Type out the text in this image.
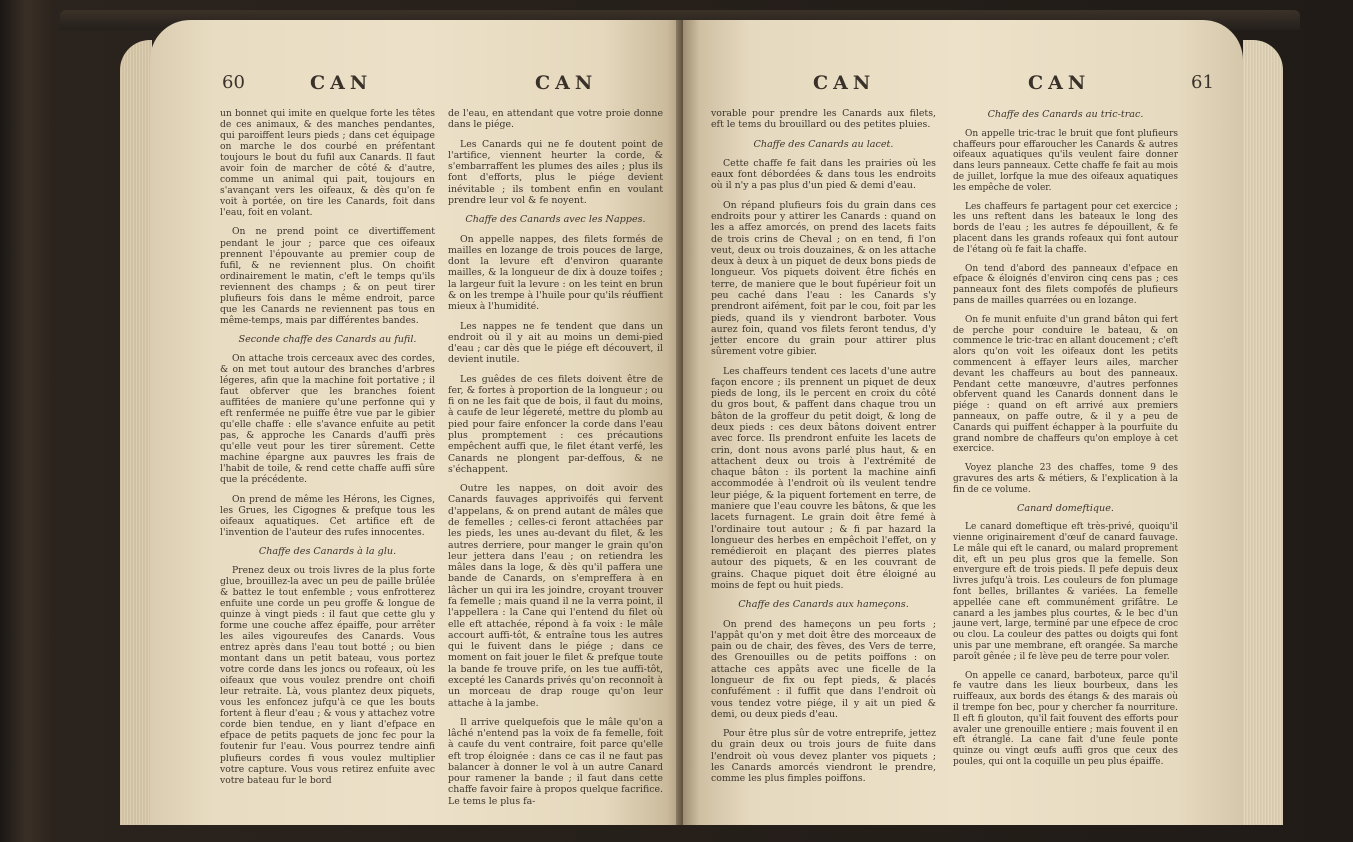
60	CAN	CAN

un bonnet qui imite en quelque forte les têtes de ces animaux, & des manches pendantes, qui paroiffent leurs pieds ; dans cet équipage on marche le dos courbé en préfentant toujours le bout du fufil aux Canards. Il faut avoir foin de marcher de côté & d'autre, comme un animal qui pait, toujours en s'avançant vers les oifeaux, & dès qu'on fe voit à portée, on tire les Canards, foit dans l'eau, foit en volant.

On ne prend point ce divertiffement pendant le jour ; parce que ces oifeaux prennent l'épouvante au premier coup de fufil, & ne reviennent plus. On choifit ordinairement le matin, c'eft le temps qu'ils reviennent des champs ; & on peut tirer plufieurs fois dans le même endroit, parce que les Canards ne reviennent pas tous en même-temps, mais par différentes bandes.

Seconde chaffe des Canards au fufil.

On attache trois cerceaux avec des cordes, & on met tout autour des branches d'arbres légeres, afin que la machine foit portative ; il faut obferver que les branches foient auffitées de maniere qu'une perfonne qui y eft renfermée ne puiffe être vue par le gibier qu'elle chaffe : elle s'avance enfuite au petit pas, & approche les Canards d'auffi près qu'elle veut pour les tirer sûrement. Cette machine épargne aux pauvres les frais de l'habit de toile, & rend cette chaffe auffi sûre que la précédente.

On prend de même les Hérons, les Cignes, les Grues, les Cigognes & prefque tous les oifeaux aquatiques. Cet artifice eft de l'invention de l'auteur des rufes innocentes.

Chaffe des Canards à la glu.

Prenez deux ou trois livres de la plus forte glue, brouillez-la avec un peu de paille brûlée & battez le tout enfemble ; vous enfrotterez enfuite une corde un peu groffe & longue de quinze à vingt pieds : il faut que cette glu y forme une couche affez épaiffe, pour arrêter les ailes vigoureufes des Canards. Vous entrez après dans l'eau tout botté ; ou bien montant dans un petit bateau, vous portez votre corde dans les joncs ou rofeaux, où les oifeaux que vous voulez prendre ont choifi leur retraite. Là, vous plantez deux piquets, vous les enfoncez jufqu'à ce que les bouts fortent à fleur d'eau ; & vous y attachez votre corde bien tendue, en y liant d'efpace en efpace de petits paquets de jonc fec pour la foutenir fur l'eau. Vous pourrez tendre ainfi plufieurs cordes fi vous voulez multiplier votre capture. Vous vous retirez enfuite avec votre bateau fur le bord

de l'eau, en attendant que votre proie donne dans le piége.

Les Canards qui ne fe doutent point de l'artifice, viennent heurter la corde, & s'embarraffent les plumes des ailes ; plus ils font d'efforts, plus le piége devient inévitable ; ils tombent enfin en voulant prendre leur vol & fe noyent.

Chaffe des Canards avec les Nappes.

On appelle nappes, des filets formés de mailles en lozange de trois pouces de large, dont la levure eft d'environ quarante mailles, & la longueur de dix à douze toifes ; la largeur fuit la levure : on les teint en brun & on les trempe à l'huile pour qu'ils réuffient mieux à l'humidité.

Les nappes ne fe tendent que dans un endroit où il y ait au moins un demi-pied d'eau ; car dès que le piége eft découvert, il devient inutile.

Les guêdes de ces filets doivent être de fer, & fortes à proportion de la longueur ; ou fi on ne les fait que de bois, il faut du moins, à caufe de leur légereté, mettre du plomb au pied pour faire enfoncer la corde dans l'eau plus promptement : ces précautions empêchent auffi que, le filet étant verfé, les Canards ne plongent par-deffous, & ne s'échappent.

Outre les nappes, on doit avoir des Canards fauvages apprivoifés qui fervent d'appelans, & on prend autant de mâles que de femelles ; celles-ci feront attachées par les pieds, les unes au-devant du filet, & les autres derriere, pour manger le grain qu'on leur jettera dans l'eau ; on retiendra les mâles dans la loge, & dès qu'il pafferа une bande de Canards, on s'empreffera à en lâcher un qui ira les joindre, croyant trouver fa femelle ; mais quand il ne la verra point, il l'appellera : la Cane qui l'entend du filet où elle eft attachée, répond à fa voix : le mâle accourt auffi-tôt, & entraîne tous les autres qui le fuivent dans le piége ; dans ce moment on fait jouer le filet & prefque toute la bande fe trouve prife, on les tue auffi-tôt, excepté les Canards privés qu'on reconnoît à un morceau de drap rouge qu'on leur attache à la jambe.

Il arrive quelquefois que le mâle qu'on a lâché n'entend pas la voix de fa femelle, foit à caufe du vent contraire, foit parce qu'elle eft trop éloignée : dans ce cas il ne faut pas balancer à donner le vol à un autre Canard pour ramener la bande ; il faut dans cette chaffe favoir faire à propos quelque facrifice. Le tems le plus fa-

CAN	CAN	61

vorable pour prendre les Canards aux filets, eft le tems du brouillard ou des petites pluies.

Chaffe des Canards au lacet.

Cette chaffe fe fait dans les prairies où les eaux font débordées & dans tous les endroits où il n'y a pas plus d'un pied & demi d'eau.

On répand plufieurs fois du grain dans ces endroits pour y attirer les Canards : quand on les a affez amorcés, on prend des lacets faits de trois crins de Cheval ; on en tend, fi l'on veut, deux ou trois douzaines, & on les attache deux à deux à un piquet de deux bons pieds de longueur. Vos piquets doivent être fichés en terre, de maniere que le bout fupérieur foit un peu caché dans l'eau : les Canards s'y prendront aifément, foit par le cou, foit par les pieds, quand ils y viendront barboter. Vous aurez foin, quand vos filets feront tendus, d'y jetter encore du grain pour attirer plus sûrement votre gibier.

Les chaffeurs tendent ces lacets d'une autre façon encore ; ils prennent un piquet de deux pieds de long, ils le percent en croix du côté du gros bout, & paffent dans chaque trou un bâton de la groffeur du petit doigt, & long de deux pieds : ces deux bâtons doivent entrer avec force. Ils prendront enfuite les lacets de crin, dont nous avons parlé plus haut, & en attachent deux ou trois à l'extrémité de chaque bâton : ils portent la machine ainfi accommodée à l'endroit où ils veulent tendre leur piége, & la piquent fortement en terre, de maniere que l'eau couvre les bâtons, & que les lacets furnagent. Le grain doit être femé à l'ordinaire tout autour ; & fi par hazard la longueur des herbes en empêchoit l'effet, on y remédieroit en plaçant des pierres plates autour des piquets, & en les couvrant de grains. Chaque piquet doit être éloigné au moins de fept ou huit pieds.

Chaffe des Canards aux hameçons.

On prend des hameçons un peu forts ; l'appât qu'on y met doit être des morceaux de pain ou de chair, des fèves, des Vers de terre, des Grenouilles ou de petits poiffons : on attache ces appâts avec une ficelle de la longueur de fix ou fept pieds, & placés confufément : il fuffit que dans l'endroit où vous tendez votre piége, il y ait un pied & demi, ou deux pieds d'eau.

Pour être plus sûr de votre entreprife, jettez du grain deux ou trois jours de fuite dans l'endroit où vous devez planter vos piquets ; les Canards amorcés viendront le prendre, comme les plus fimples poiffons.

Chaffe des Canards au tric-trac.

On appelle tric-trac le bruit que font plufieurs chaffeurs pour effaroucher les Canards & autres oifeaux aquatiques qu'ils veulent faire donner dans leurs panneaux. Cette chaffe fe fait au mois de juillet, lorfque la mue des oifeaux aquatiques les empêche de voler.

Les chaffeurs fe partagent pour cet exercice ; les uns reftent dans les bateaux le long des bords de l'eau ; les autres fe dépouillent, & fe placent dans les grands rofeaux qui font autour de l'étang où fe fait la chaffe.

On tend d'abord des panneaux d'efpace en efpace & éloignés d'environ cinq cens pas ; ces panneaux font des filets compofés de plufieurs pans de mailles quarrées ou en lozange.

On fe munit enfuite d'un grand bâton qui fert de perche pour conduire le bateau, & on commence le tric-trac en allant doucement ; c'eft alors qu'on voit les oifeaux dont les petits commencent à effayer leurs ailes, marcher devant les chaffeurs au bout des panneaux. Pendant cette manœuvre, d'autres perfonnes obfervent quand les Canards donnent dans le piége : quand on eft arrivé aux premiers panneaux, on paffe outre, & il y a peu de Canards qui puiffent échapper à la pourfuite du grand nombre de chaffeurs qu'on employe à cet exercice.

Voyez planche 23 des chaffes, tome 9 des gravures des arts & métiers, & l'explication à la fin de ce volume.

Canard domeftique.

Le canard domeftique eft très-privé, quoiqu'il vienne originairement d'œuf de canard fauvage. Le mâle qui eft le canard, ou malard proprement dit, eft un peu plus gros que la femelle. Son envergure eft de trois pieds. Il pefe depuis deux livres jufqu'à trois. Les couleurs de fon plumage font belles, brillantes & variées. La femelle appellée cane eft communément grifâtre. Le canard a les jambes plus courtes, & le bec d'un jaune vert, large, terminé par une efpece de croc ou clou. La couleur des pattes ou doigts qui font unis par une membrane, eft orangée. Sa marche paroît gênée ; il fe lève peu de terre pour voler.

On appelle ce canard, barboteux, parce qu'il fe vautre dans les lieux bourbeux, dans les ruiffeaux, aux bords des étangs & des marais où il trempe fon bec, pour y chercher fa nourriture. Il eft fi glouton, qu'il fait fouvent des efforts pour avaler une grenouille entiere ; mais fouvent il en eft étranglé. La cane fait d'une feule ponte quinze ou vingt œufs auffi gros que ceux des poules, qui ont la coquille un peu plus épaiffe.
